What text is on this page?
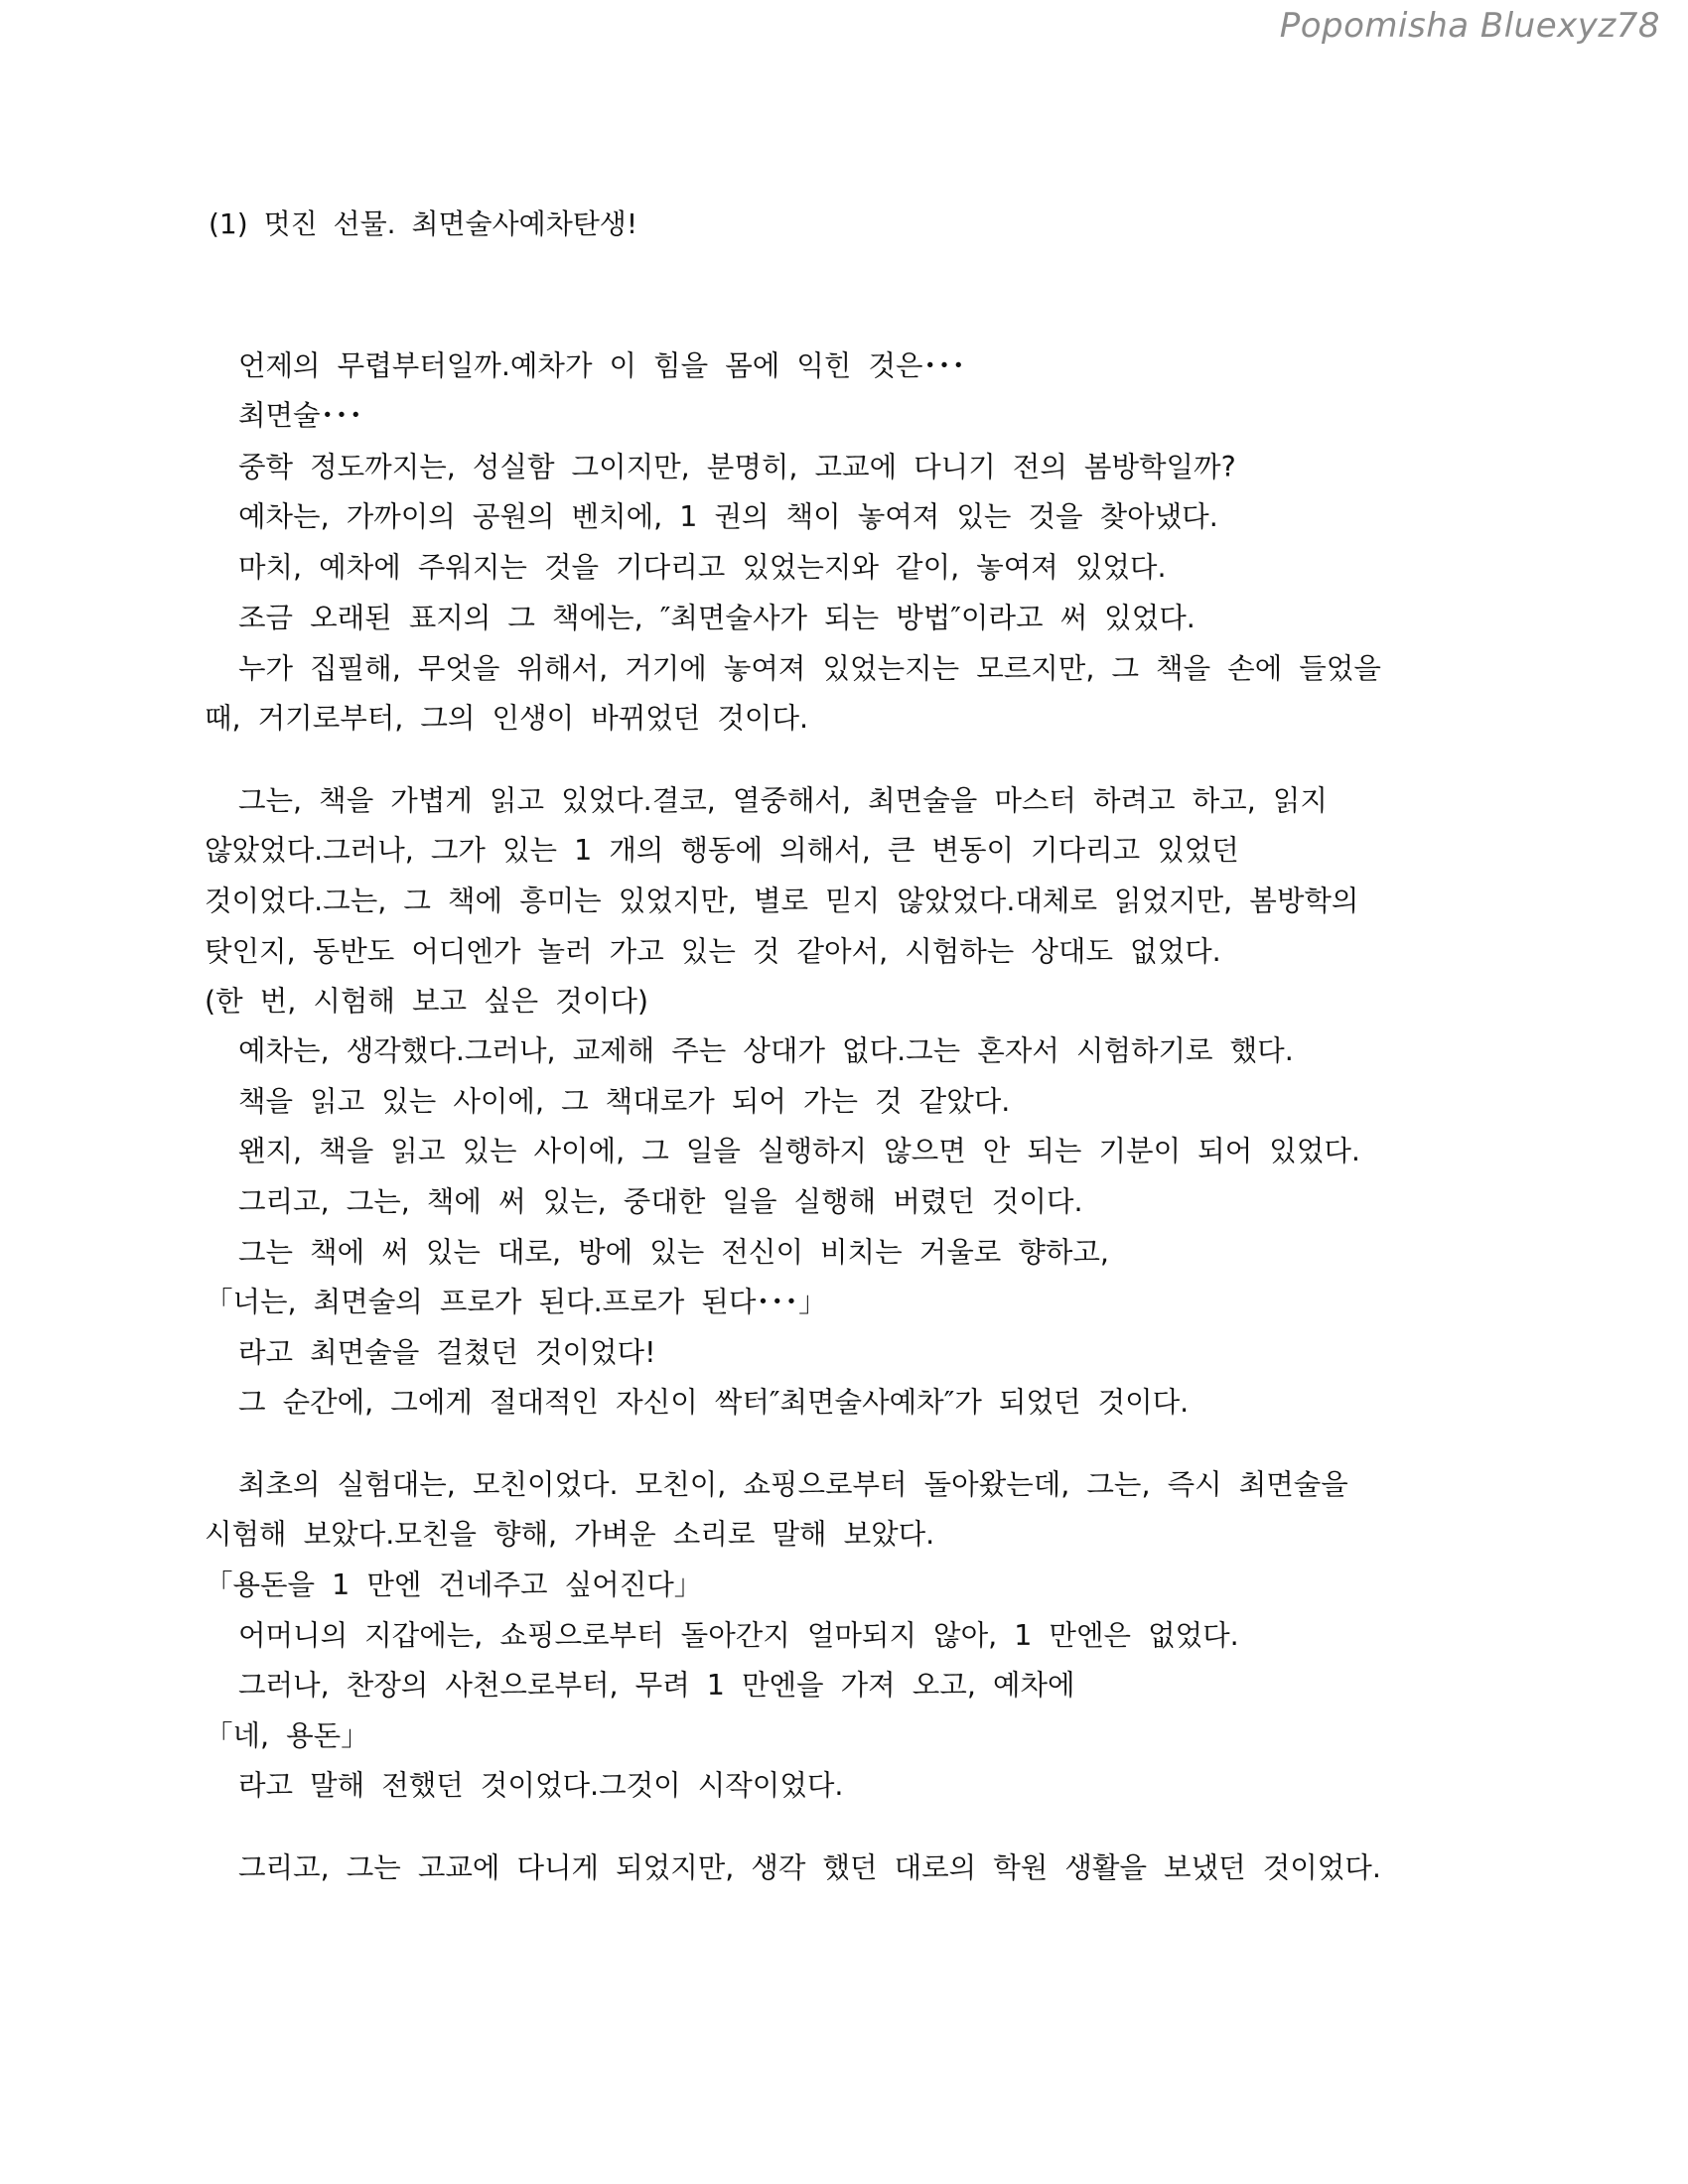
Popomisha Bluexyz78
(1) 멋진 선물. 최면술사예차탄생!
언제의 무렵부터일까.예차가 이 힘을 몸에 익힌 것은･･･
최면술･･･
중학 정도까지는, 성실함 그이지만, 분명히, 고교에 다니기 전의 봄방학일까?
예차는, 가까이의 공원의 벤치에, 1 권의 책이 놓여져 있는 것을 찾아냈다.
마치, 예차에 주워지는 것을 기다리고 있었는지와 같이, 놓여져 있었다.
조금 오래된 표지의 그 책에는, ″최면술사가 되는 방법″이라고 써 있었다.
누가 집필해, 무엇을 위해서, 거기에 놓여져 있었는지는 모르지만, 그 책을 손에 들었을
때, 거기로부터, 그의 인생이 바뀌었던 것이다.
그는, 책을 가볍게 읽고 있었다.결코, 열중해서, 최면술을 마스터 하려고 하고, 읽지
않았었다.그러나, 그가 있는 1 개의 행동에 의해서, 큰 변동이 기다리고 있었던
것이었다.그는, 그 책에 흥미는 있었지만, 별로 믿지 않았었다.대체로 읽었지만, 봄방학의
탓인지, 동반도 어디엔가 놀러 가고 있는 것 같아서, 시험하는 상대도 없었다.
(한 번, 시험해 보고 싶은 것이다)
예차는, 생각했다.그러나, 교제해 주는 상대가 없다.그는 혼자서 시험하기로 했다.
책을 읽고 있는 사이에, 그 책대로가 되어 가는 것 같았다.
왠지, 책을 읽고 있는 사이에, 그 일을 실행하지 않으면 안 되는 기분이 되어 있었다.
그리고, 그는, 책에 써 있는, 중대한 일을 실행해 버렸던 것이다.
그는 책에 써 있는 대로, 방에 있는 전신이 비치는 거울로 향하고,
「너는, 최면술의 프로가 된다.프로가 된다･･･」
라고 최면술을 걸쳤던 것이었다!
그 순간에, 그에게 절대적인 자신이 싹터″최면술사예차″가 되었던 것이다.
최초의 실험대는, 모친이었다. 모친이, 쇼핑으로부터 돌아왔는데, 그는, 즉시 최면술을
시험해 보았다.모친을 향해, 가벼운 소리로 말해 보았다.
「용돈을 1 만엔 건네주고 싶어진다」
어머니의 지갑에는, 쇼핑으로부터 돌아간지 얼마되지 않아, 1 만엔은 없었다.
그러나, 찬장의 사천으로부터, 무려 1 만엔을 가져 오고, 예차에
「네, 용돈」
라고 말해 전했던 것이었다.그것이 시작이었다.
그리고, 그는 고교에 다니게 되었지만, 생각 했던 대로의 학원 생활을 보냈던 것이었다.
